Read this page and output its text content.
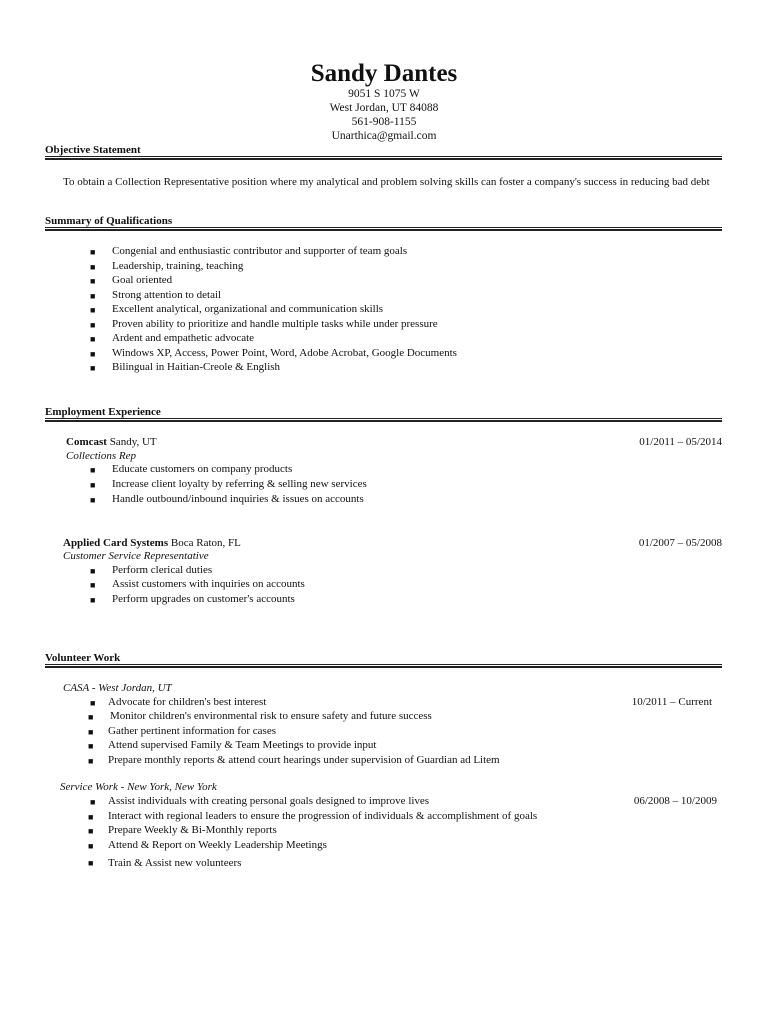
Sandy Dantes
9051 S 1075 W
West Jordan, UT 84088
561-908-1155
Unarthica@gmail.com
Objective Statement
To obtain a Collection Representative position where my analytical and problem solving skills can foster a company's success in reducing bad debt
Summary of Qualifications
■ Congenial and enthusiastic contributor and supporter of team goals
■ Leadership, training, teaching
■ Goal oriented
■ Strong attention to detail
■ Excellent analytical, organizational and communication skills
■ Proven ability to prioritize and handle multiple tasks while under pressure
■ Ardent and empathetic advocate
■ Windows XP, Access, Power Point, Word, Adobe Acrobat, Google Documents
■ Bilingual in Haitian-Creole & English
Employment Experience
Comcast Sandy, UT
Collections Rep
01/2011 – 05/2014
■ Educate customers on company products
■ Increase client loyalty by referring & selling new services
■ Handle outbound/inbound inquiries & issues on accounts
Applied Card Systems Boca Raton, FL
Customer Service Representative
01/2007 – 05/2008
■ Perform clerical duties
■ Assist customers with inquiries on accounts
■ Perform upgrades on customer's accounts
Volunteer Work
CASA - West Jordan, UT
10/2011 – Current
■ Advocate for children's best interest
■ Monitor children's environmental risk to ensure safety and future success
■ Gather pertinent information for cases
■ Attend supervised Family & Team Meetings to provide input
■ Prepare monthly reports & attend court hearings under supervision of Guardian ad Litem
Service Work - New York, New York
06/2008 – 10/2009
■ Assist individuals with creating personal goals designed to improve lives
■ Interact with regional leaders to ensure the progression of individuals & accomplishment of goals
■ Prepare Weekly & Bi-Monthly reports
■ Attend & Report on Weekly Leadership Meetings
■ Train & Assist new volunteers
